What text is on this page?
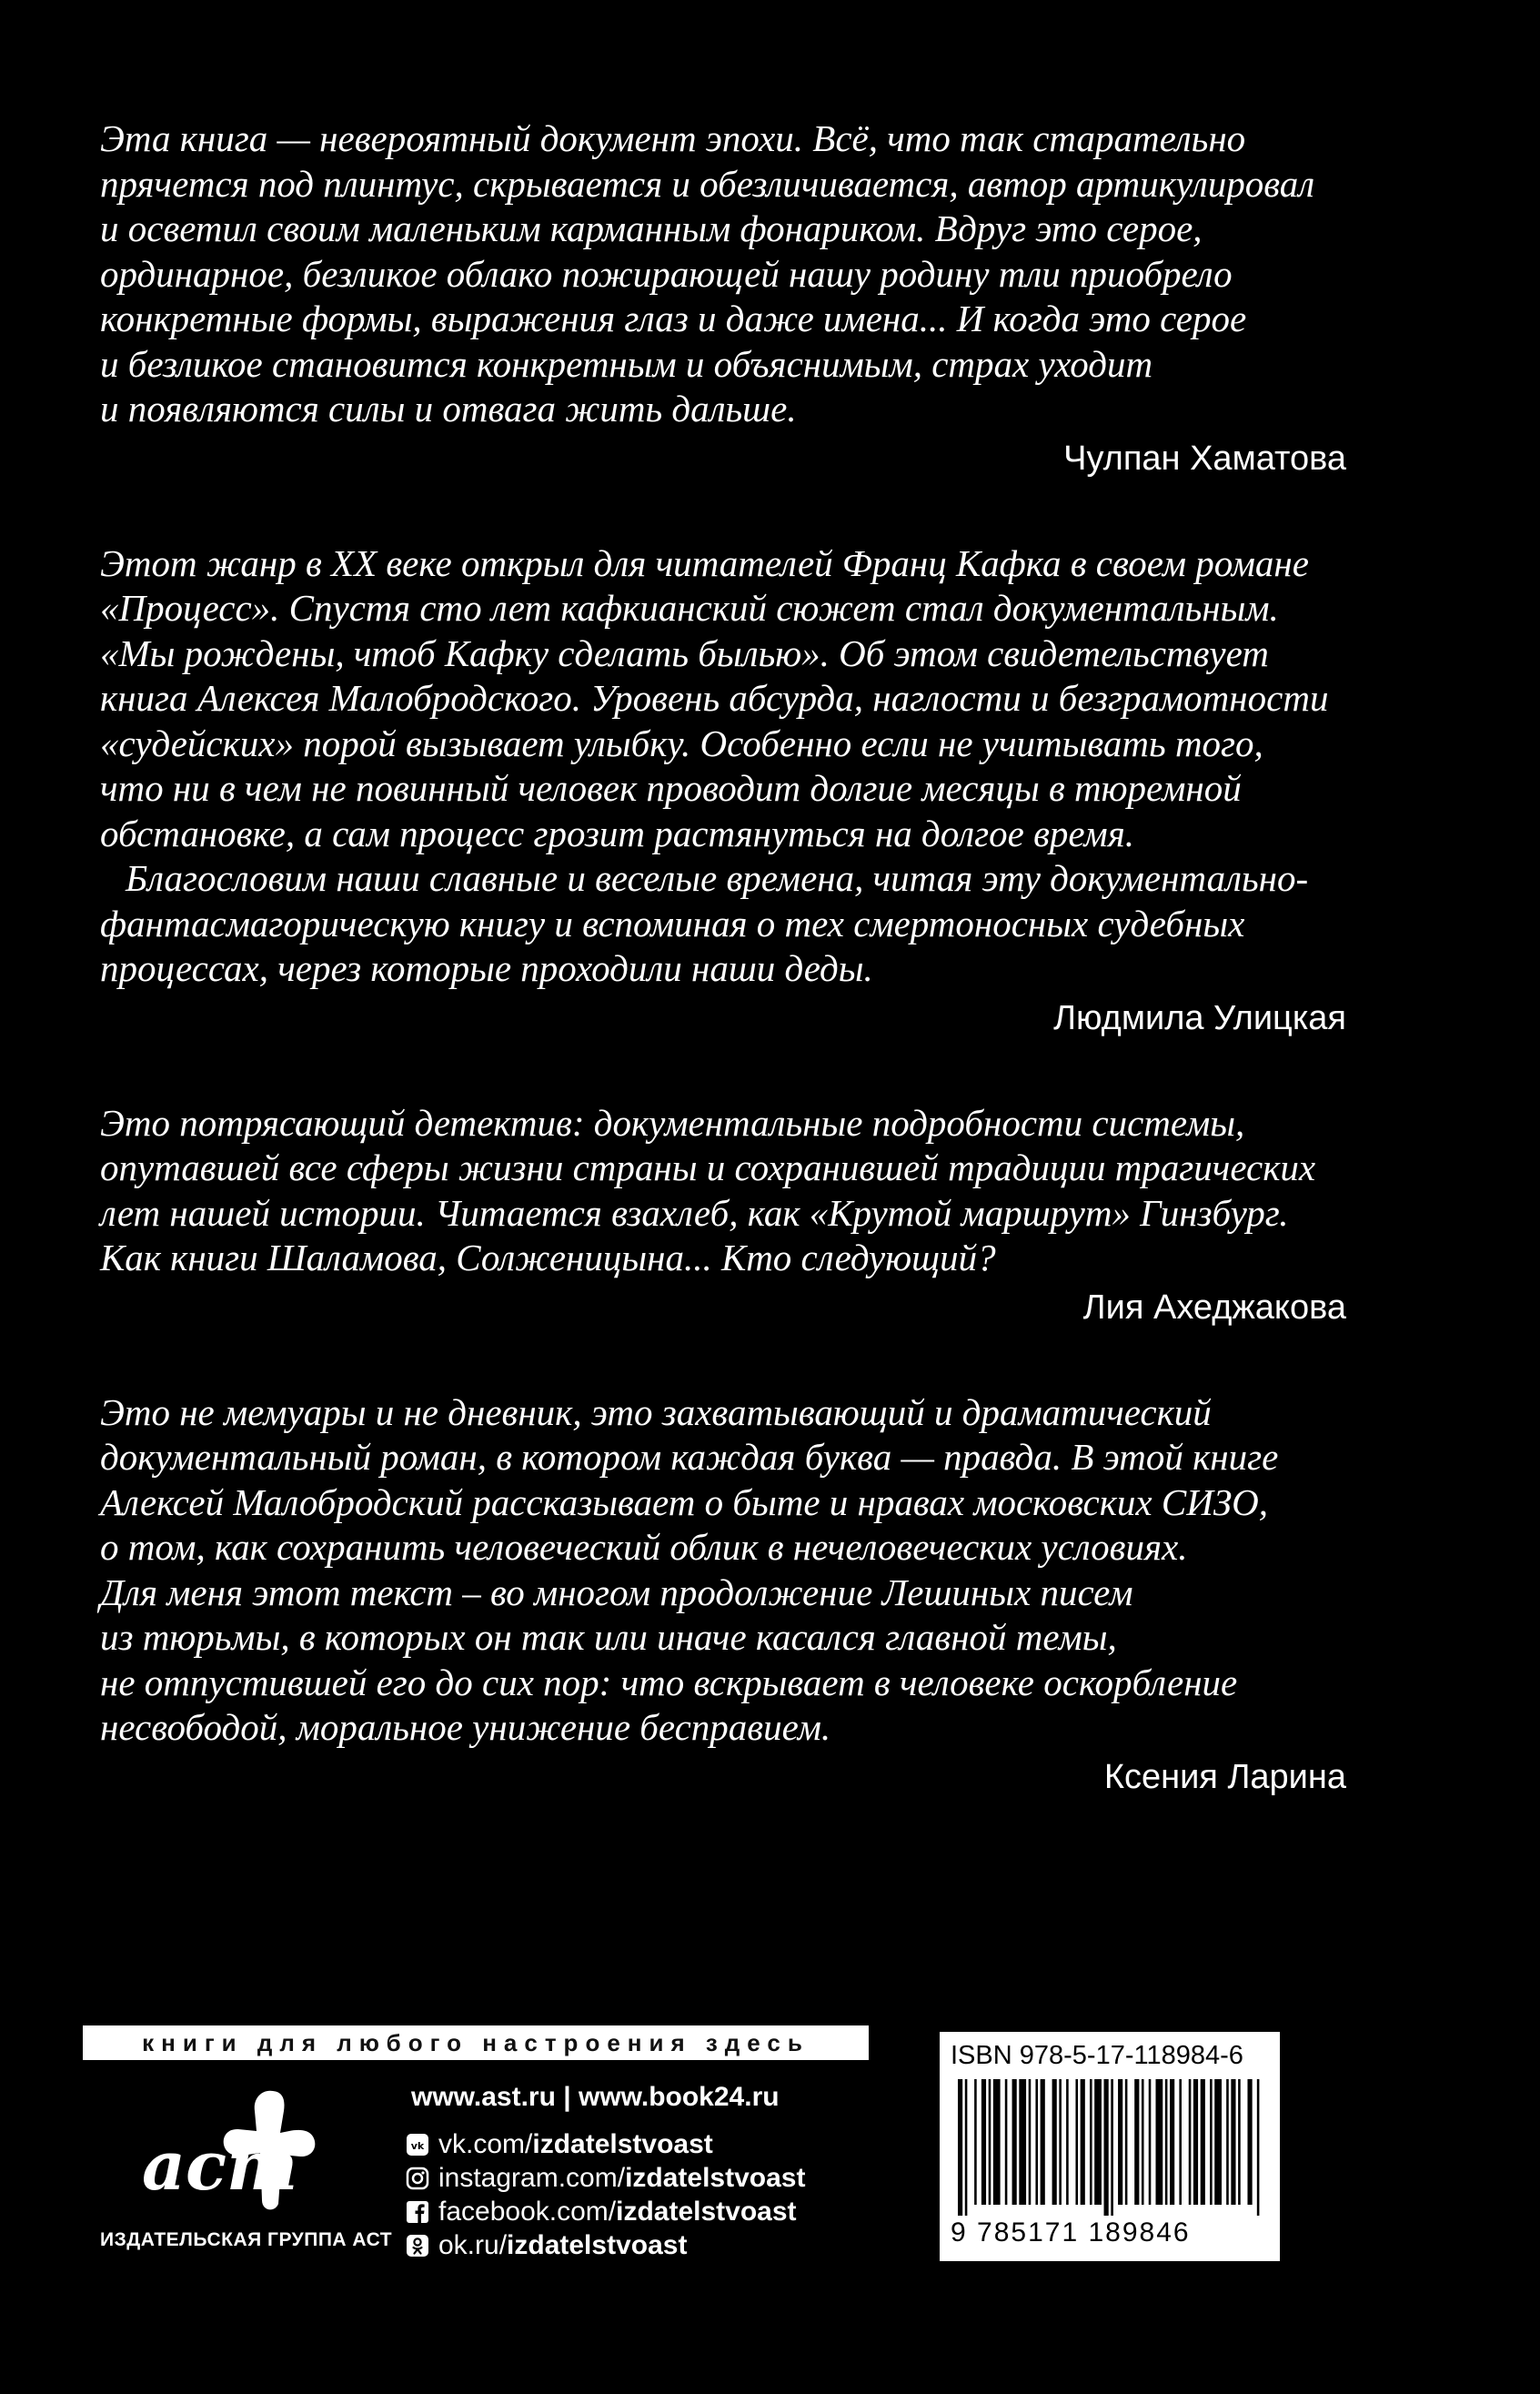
Эта книга — невероятный документ эпохи. Всё, что так старательно
прячется под плинтус, скрывается и обезличивается, автор артикулировал
и осветил своим маленьким карманным фонариком. Вдруг это серое,
ординарное, безликое облако пожирающей нашу родину тли приобрело
конкретные формы, выражения глаз и даже имена... И когда это серое
и безликое становится конкретным и объяснимым, страх уходит
и появляются силы и отвага жить дальше.
Чулпан Хаматова
Этот жанр в XX веке открыл для читателей Франц Кафка в своем романе
«Процесс». Спустя сто лет кафкианский сюжет стал документальным.
«Мы рождены, чтоб Кафку сделать былью». Об этом свидетельствует
книга Алексея Малобродского. Уровень абсурда, наглости и безграмотности
«судейских» порой вызывает улыбку. Особенно если не учитывать того,
что ни в чем не повинный человек проводит долгие месяцы в тюремной
обстановке, а сам процесс грозит растянуться на долгое время.
Благословим наши славные и веселые времена, читая эту документально-
фантасмагорическую книгу и вспоминая о тех смертоносных судебных
процессах, через которые проходили наши деды.
Людмила Улицкая
Это потрясающий детектив: документальные подробности системы,
опутавшей все сферы жизни страны и сохранившей традиции трагических
лет нашей истории. Читается взахлеб, как «Крутой маршрут» Гинзбург.
Как книги Шаламова, Солженицына... Кто следующий?
Лия Ахеджакова
Это не мемуары и не дневник, это захватывающий и драматический
документальный роман, в котором каждая буква — правда. В этой книге
Алексей Малобродский рассказывает о быте и нравах московских СИЗО,
о том, как сохранить человеческий облик в нечеловеческих условиях.
Для меня этот текст – во многом продолжение Лешиных писем
из тюрьмы, в которых он так или иначе касался главной темы,
не отпустившей его до сих пор: что вскрывает в человеке оскорбление
несвободой, моральное унижение бесправием.
Ксения Ларина
книги для любого настроения здесь
аст
ИЗДАТЕЛЬСКАЯ ГРУППА АСТ
www.ast.ru | www.book24.ru
vk vk.com/ izdatelstvoast
instagram.com/ izdatelstvoast
facebook.com/ izdatelstvoast
ok.ru/ izdatelstvoast
ISBN 978-5-17-118984-6
9 785171 189846
